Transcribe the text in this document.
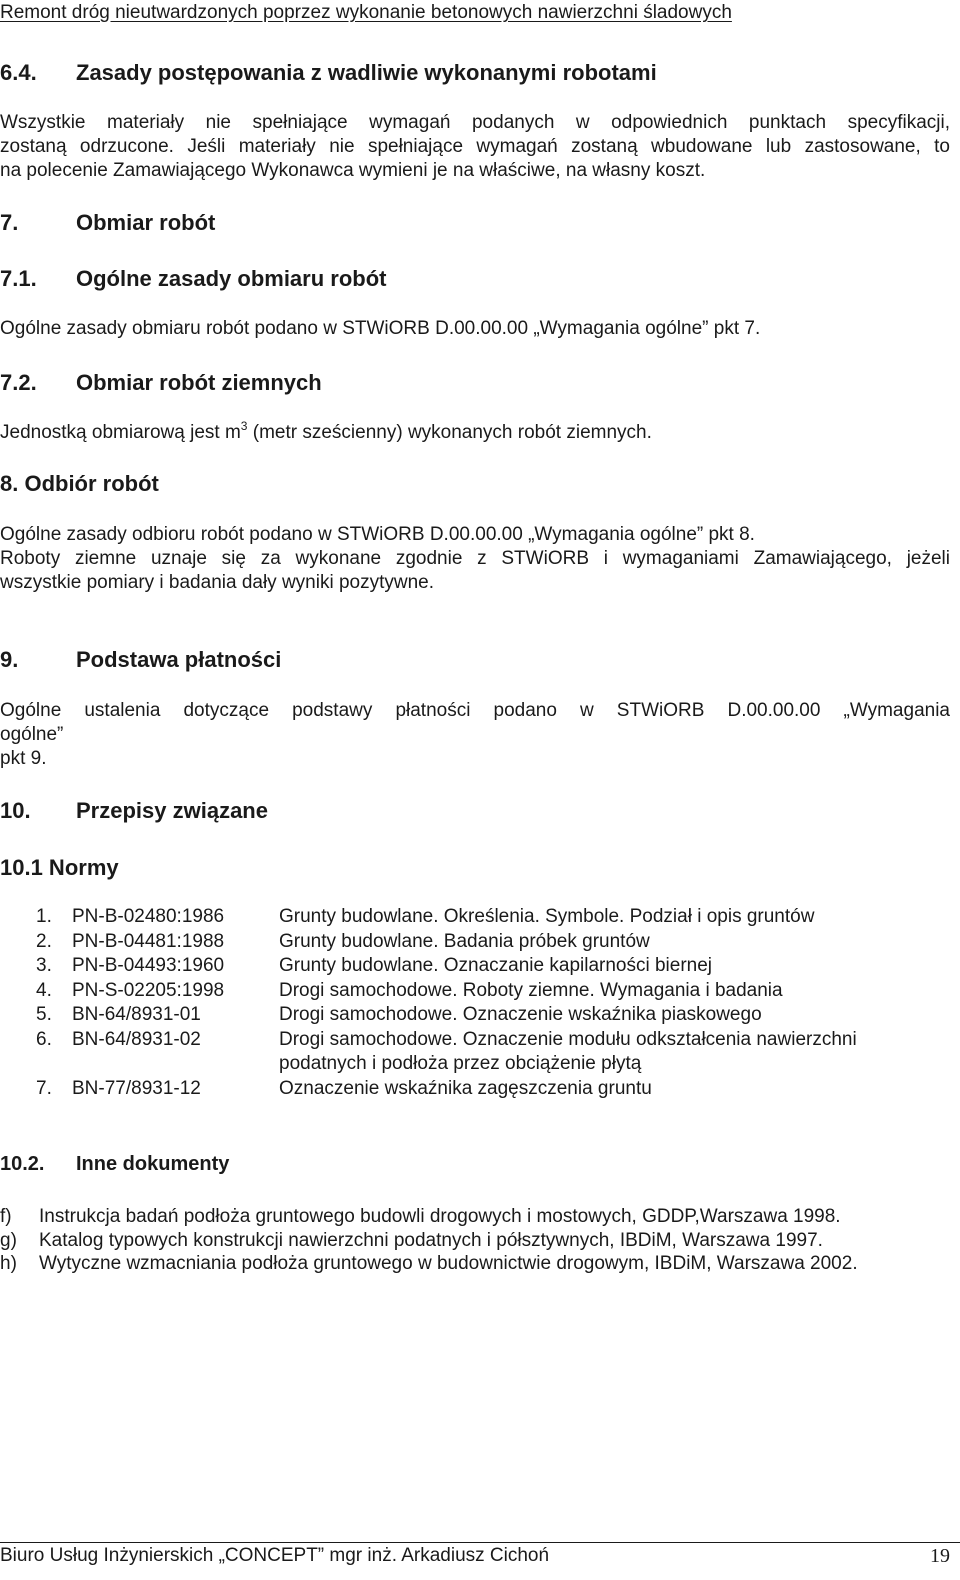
Remont dróg nieutwardzonych poprzez wykonanie betonowych nawierzchni śladowych
6.4. Zasady postępowania z wadliwie wykonanymi robotami
Wszystkie materiały nie spełniające wymagań podanych w odpowiednich punktach specyfikacji,
zostaną odrzucone. Jeśli materiały nie spełniające wymagań zostaną wbudowane lub zastosowane, to
na polecenie Zamawiającego Wykonawca wymieni je na właściwe, na własny koszt.
7.	Obmiar robót
7.1. Ogólne zasady obmiaru robót
Ogólne zasady obmiaru robót podano w STWiORB D.00.00.00 „Wymagania ogólne” pkt 7.
7.2. Obmiar robót ziemnych
Jednostką obmiarową jest $m^3$ (metr sześcienny) wykonanych robót ziemnych.
8. Odbiór robót
Ogólne zasady odbioru robót podano w STWiORB D.00.00.00 „Wymagania ogólne” pkt 8.
Roboty ziemne uznaje się za wykonane zgodnie z STWiORB i wymaganiami Zamawiającego, jeżeli
wszystkie pomiary i badania dały wyniki pozytywne.
9.	Podstawa płatności
Ogólne ustalenia dotyczące podstawy płatności podano w STWiORB D.00.00.00 „Wymagania
ogólne”
pkt 9.
10. Przepisy związane
10.1 Normy
1. PN-B-02480:1986	Grunty budowlane. Określenia. Symbole. Podział i opis gruntów
2. PN-B-04481:1988	Grunty budowlane. Badania próbek gruntów
3. PN-B-04493:1960	Grunty budowlane. Oznaczanie kapilarności biernej
4. PN-S-02205:1998	Drogi samochodowe. Roboty ziemne. Wymagania i badania
5. BN-64/8931-01	Drogi samochodowe. Oznaczenie wskaźnika piaskowego
6. BN-64/8931-02	Drogi samochodowe. Oznaczenie modułu odkształcenia nawierzchni
podatnych i podłoża przez obciążenie płytą
7. BN-77/8931-12	Oznaczenie wskaźnika zagęszczenia gruntu
10.2. Inne dokumenty
f) Instrukcja badań podłoża gruntowego budowli drogowych i mostowych, GDDP,Warszawa 1998.
g) Katalog typowych konstrukcji nawierzchni podatnych i półsztywnych, IBDiM, Warszawa 1997.
h) Wytyczne wzmacniania podłoża gruntowego w budownictwie drogowym, IBDiM, Warszawa 2002.
Biuro Usług Inżynierskich „CONCEPT” mgr inż. Arkadiusz Cichoń	19
